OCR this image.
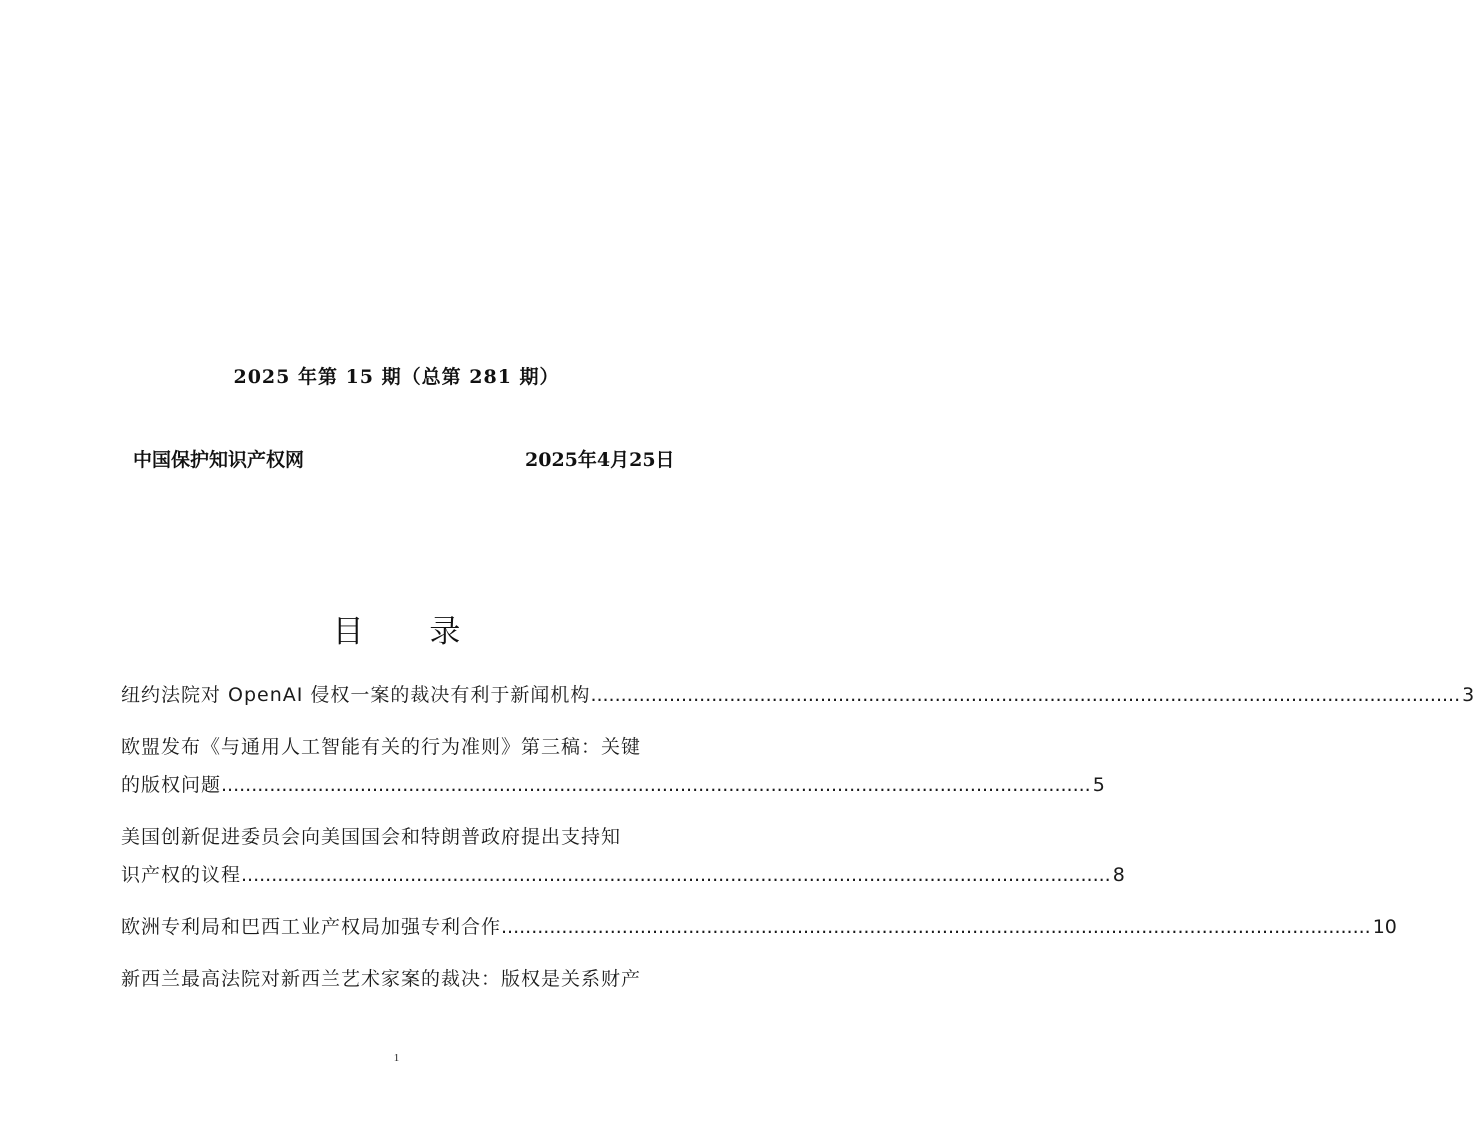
2025 年第 15 期（总第 281 期）
中国保护知识产权网	2025年4月25日
目 录
纽约法院对 OpenAI 侵权一案的裁决有利于新闻机构 ................................................................................................................................................ 3
欧盟发布《与通用人工智能有关的行为准则》第三稿：关键
的版权问题 ................................................................................................................................................ 5
美国创新促进委员会向美国国会和特朗普政府提出支持知
识产权的议程 ................................................................................................................................................ 8
欧洲专利局和巴西工业产权局加强专利合作 ................................................................................................................................................ 10
新西兰最高法院对新西兰艺术家案的裁决：版权是关系财产
1
